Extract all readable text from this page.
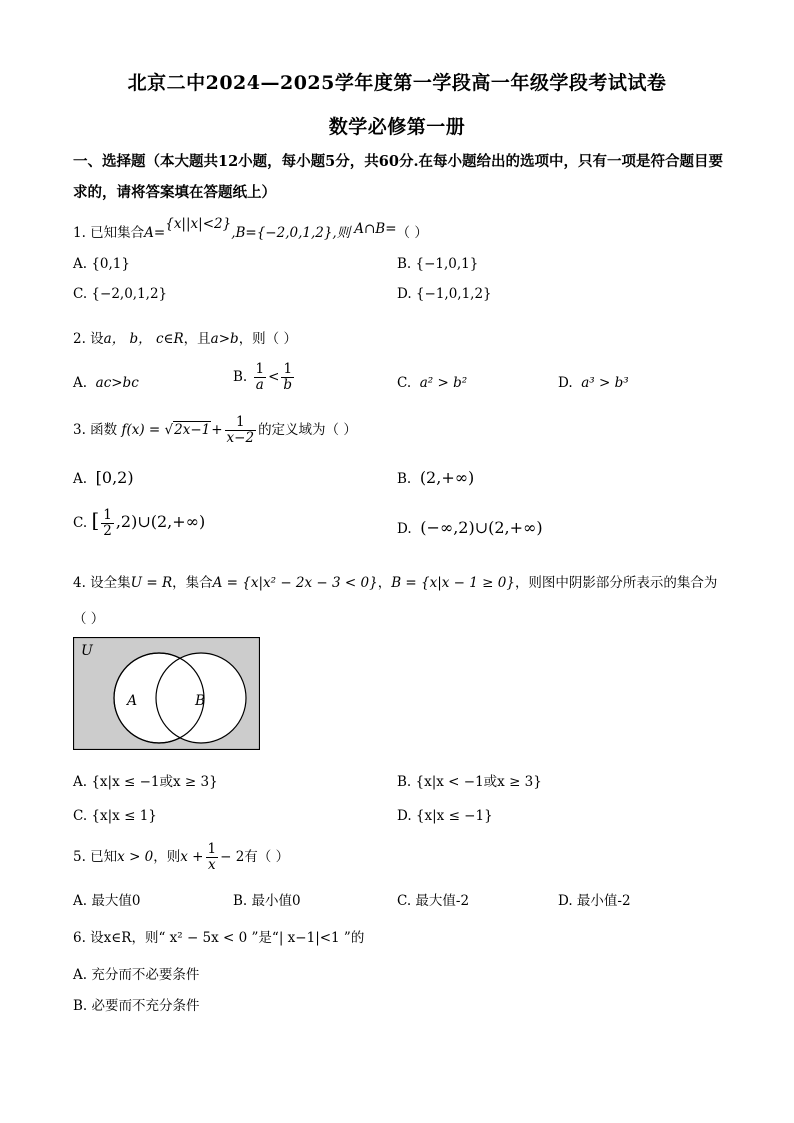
北京二中2024—2025学年度第一学段高一年级学段考试试卷
数学必修第一册
一、选择题（本大题共12小题，每小题5分，共60分.在每小题给出的选项中，只有一项是符合题目要求的，请将答案填在答题纸上）
1. 已知集合A={x||x|<2},B={−2,0,1,2},则 A∩B=（ ）
A. {0,1}	B. {−1,0,1}
C. {−2,0,1,2}	D. {−1,0,1,2}
2. 设a， b， c∈R，且a>b，则（ ）
A. ac>bc	B. $\frac{1}{a} < \frac{1}{b}$	C. a² > b²	D. a³ > b³
3. 函数 $f(x) = √2x-1+ \frac{1}{x-2}$ 的定义域为（ ）
A. [0,2)	B. (2,+∞)
C. [ $\frac{1}{2}$ ,2)∪(2,+∞)	D. (−∞,2)∪(2,+∞)
4. 设全集U = R，集合A = {x|x² − 2x − 3 < 0}，B = {x|x − 1 ≥ 0}，则图中阴影部分所表示的集合为
（ ）
U
A	B
A. {x|x ≤ −1或x ≥ 3}	B. {x|x < −1或x ≥ 3}
C. {x|x ≤ 1}	D. {x|x ≤ −1}
5. 已知x > 0，则$x + \frac{1}{x} - 2$有（ ）
A. 最大值0	B. 最小值0	C. 最大值-2	D. 最小值-2
6. 设x∈R，则“ x² − 5x < 0 ”是“| x−1|<1 ”的
A. 充分而不必要条件
B. 必要而不充分条件
